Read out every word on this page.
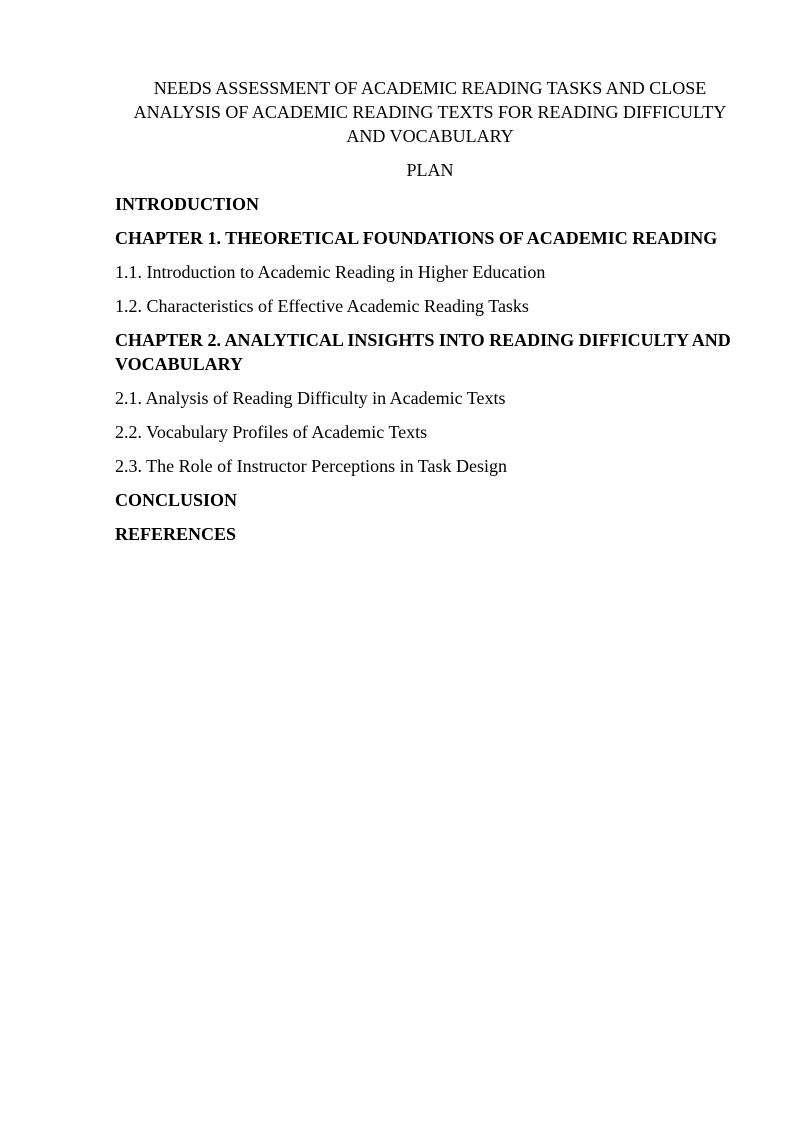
NEEDS ASSESSMENT OF ACADEMIC READING TASKS AND CLOSE ANALYSIS OF ACADEMIC READING TEXTS FOR READING DIFFICULTY AND VOCABULARY
PLAN
INTRODUCTION
CHAPTER 1. THEORETICAL FOUNDATIONS OF ACADEMIC READING
1.1. Introduction to Academic Reading in Higher Education
1.2. Characteristics of Effective Academic Reading Tasks
CHAPTER 2. ANALYTICAL INSIGHTS INTO READING DIFFICULTY AND VOCABULARY
2.1. Analysis of Reading Difficulty in Academic Texts
2.2. Vocabulary Profiles of Academic Texts
2.3. The Role of Instructor Perceptions in Task Design
CONCLUSION
REFERENCES
